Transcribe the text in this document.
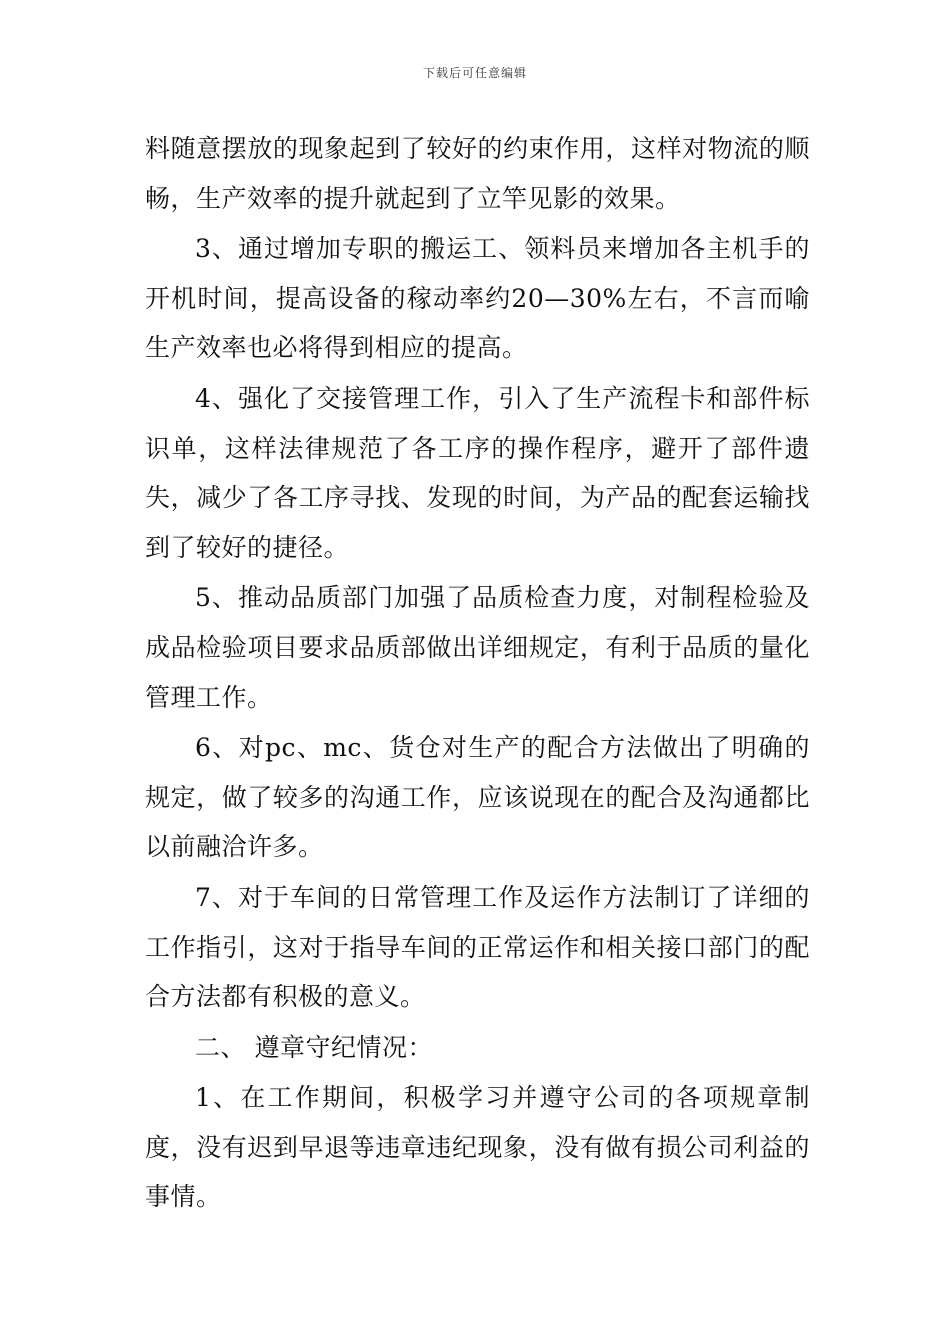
下载后可任意编辑

料随意摆放的现象起到了较好的约束作用，这样对物流的顺畅，生产效率的提升就起到了立竿见影的效果。

3、通过增加专职的搬运工、领料员来增加各主机手的开机时间，提高设备的稼动率约20—30%左右，不言而喻生产效率也必将得到相应的提高。

4、强化了交接管理工作，引入了生产流程卡和部件标识单，这样法律规范了各工序的操作程序，避开了部件遗失，减少了各工序寻找、发现的时间，为产品的配套运输找到了较好的捷径。

5、推动品质部门加强了品质检查力度，对制程检验及成品检验项目要求品质部做出详细规定，有利于品质的量化管理工作。

6、对pc、mc、货仓对生产的配合方法做出了明确的规定，做了较多的沟通工作，应该说现在的配合及沟通都比以前融洽许多。

7、对于车间的日常管理工作及运作方法制订了详细的工作指引，这对于指导车间的正常运作和相关接口部门的配合方法都有积极的意义。

二、 遵章守纪情况：

1、在工作期间，积极学习并遵守公司的各项规章制度，没有迟到早退等违章违纪现象，没有做有损公司利益的事情。
